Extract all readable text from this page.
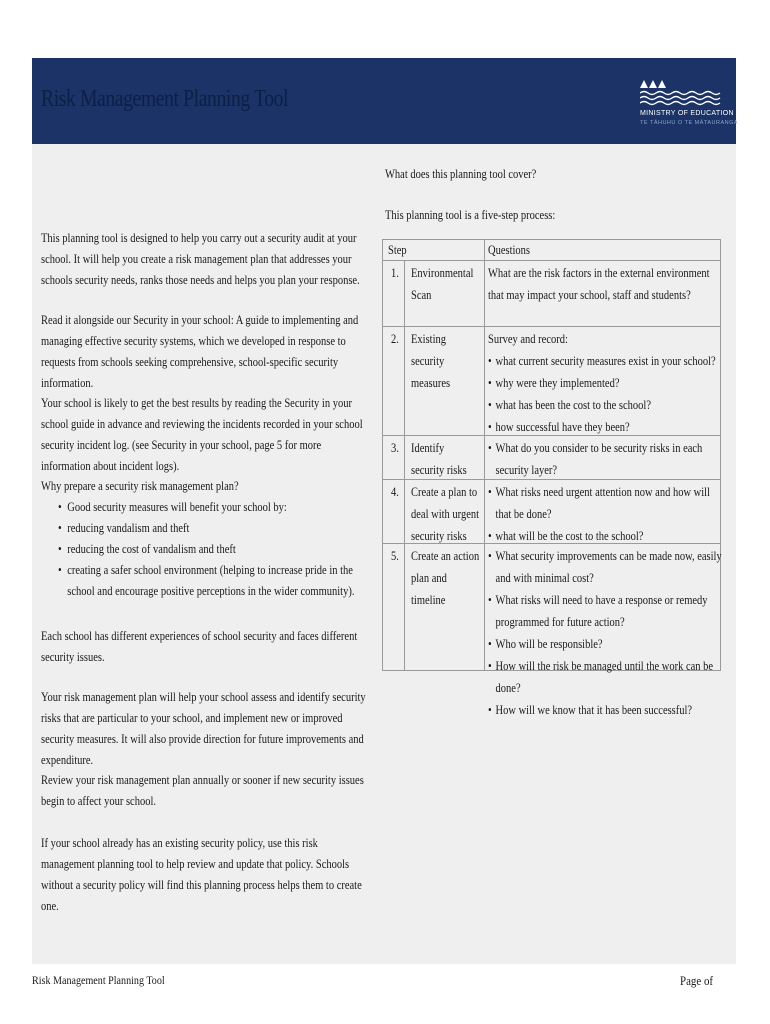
Risk Management Planning Tool
MINISTRY OF EDUCATION
TE TĀHUHU O TE MĀTAURANGA
This planning tool is designed to help you carry out a security audit at your school. It will help you create a risk management plan that addresses your schools security needs, ranks those needs and helps you plan your response.
Read it alongside our Security in your school: A guide to implementing and managing effective security systems, which we developed in response to requests from schools seeking comprehensive, school-specific security information.
Your school is likely to get the best results by reading the Security in your school guide in advance and reviewing the incidents recorded in your school security incident log. (see Security in your school, page 5 for more information about incident logs).
Why prepare a security risk management plan?
• Good security measures will benefit your school by:
• reducing vandalism and theft
• reducing the cost of vandalism and theft
• creating a safer school environment (helping to increase pride in the school and encourage positive perceptions in the wider community).
Each school has different experiences of school security and faces different security issues.
Your risk management plan will help your school assess and identify security risks that are particular to your school, and implement new or improved security measures. It will also provide direction for future improvements and expenditure.
Review your risk management plan annually or sooner if new security issues begin to affect your school.
If your school already has an existing security policy, use this risk management planning tool to help review and update that policy. Schools without a security policy will find this planning process helps them to create one.
What does this planning tool cover?
This planning tool is a five-step process:
Step	Questions
1. Environmental Scan
What are the risk factors in the external environment that may impact your school, staff and students?
2. Existing security measures
Survey and record:
• what current security measures exist in your school?
• why were they implemented?
• what has been the cost to the school?
• how successful have they been?
3. Identify security risks
• What do you consider to be security risks in each security layer?
4. Create a plan to deal with urgent security risks
• What risks need urgent attention now and how will that be done?
• what will be the cost to the school?
5. Create an action plan and timeline
• What security improvements can be made now, easily and with minimal cost?
• What risks will need to have a response or remedy programmed for future action?
• Who will be responsible?
• How will the risk be managed until the work can be done?
• How will we know that it has been successful?
Risk Management Planning Tool	Page of
